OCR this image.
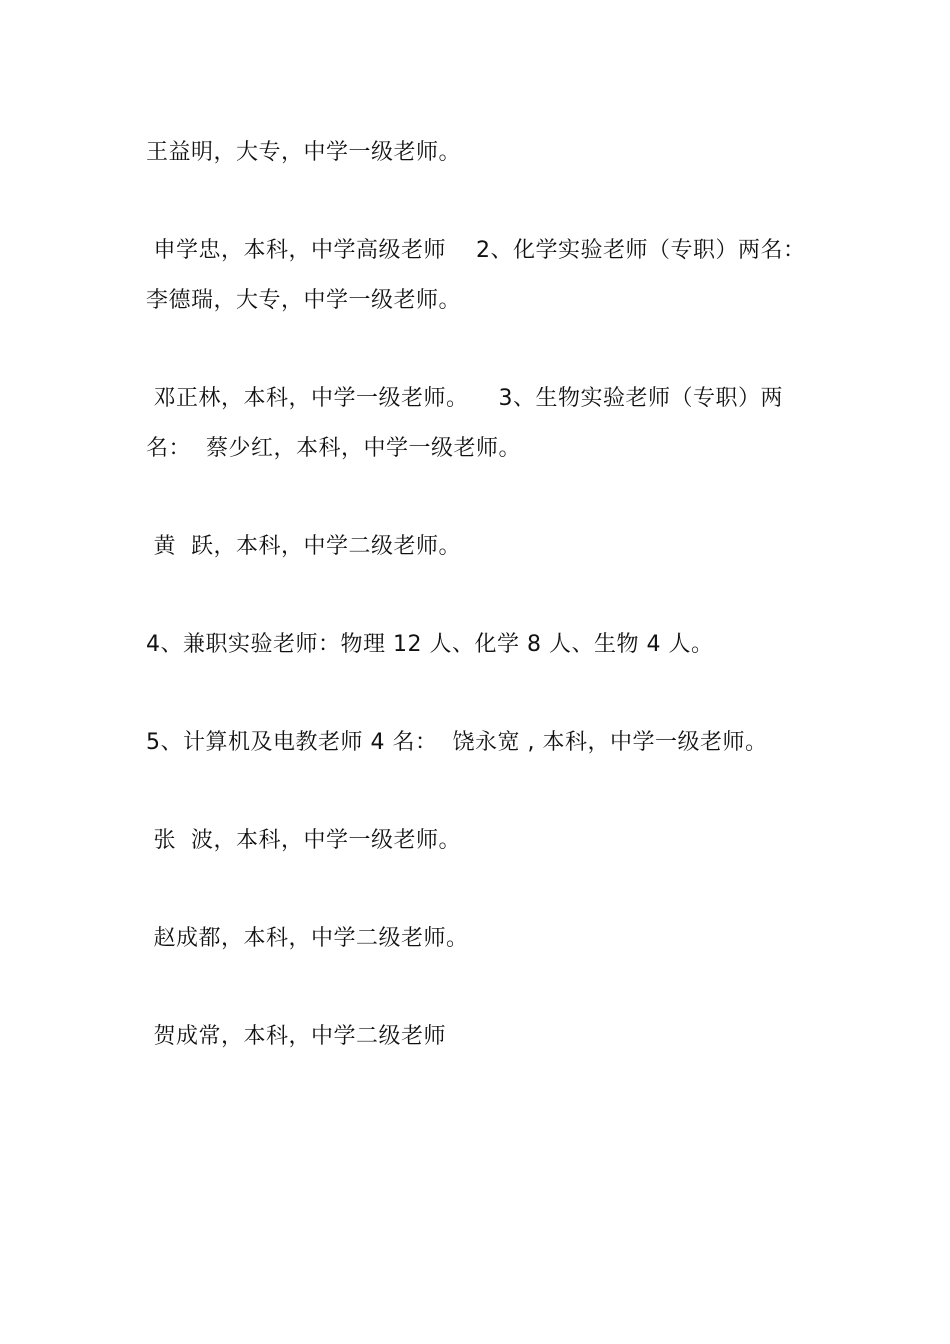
王益明，大专，中学一级老师。

申学忠，本科，中学高级老师    2、化学实验老师（专职）两名：  李德瑞，大专，中学一级老师。

邓正林，本科，中学一级老师。    3、生物实验老师（专职）两名：  蔡少红，本科，中学一级老师。

黄  跃，本科，中学二级老师。

4、兼职实验老师：物理 12 人、化学 8 人、生物 4 人。

5、计算机及电教老师 4 名：  饶永宽 , 本科，中学一级老师。

张  波，本科，中学一级老师。

赵成都，本科，中学二级老师。

贺成常，本科，中学二级老师
